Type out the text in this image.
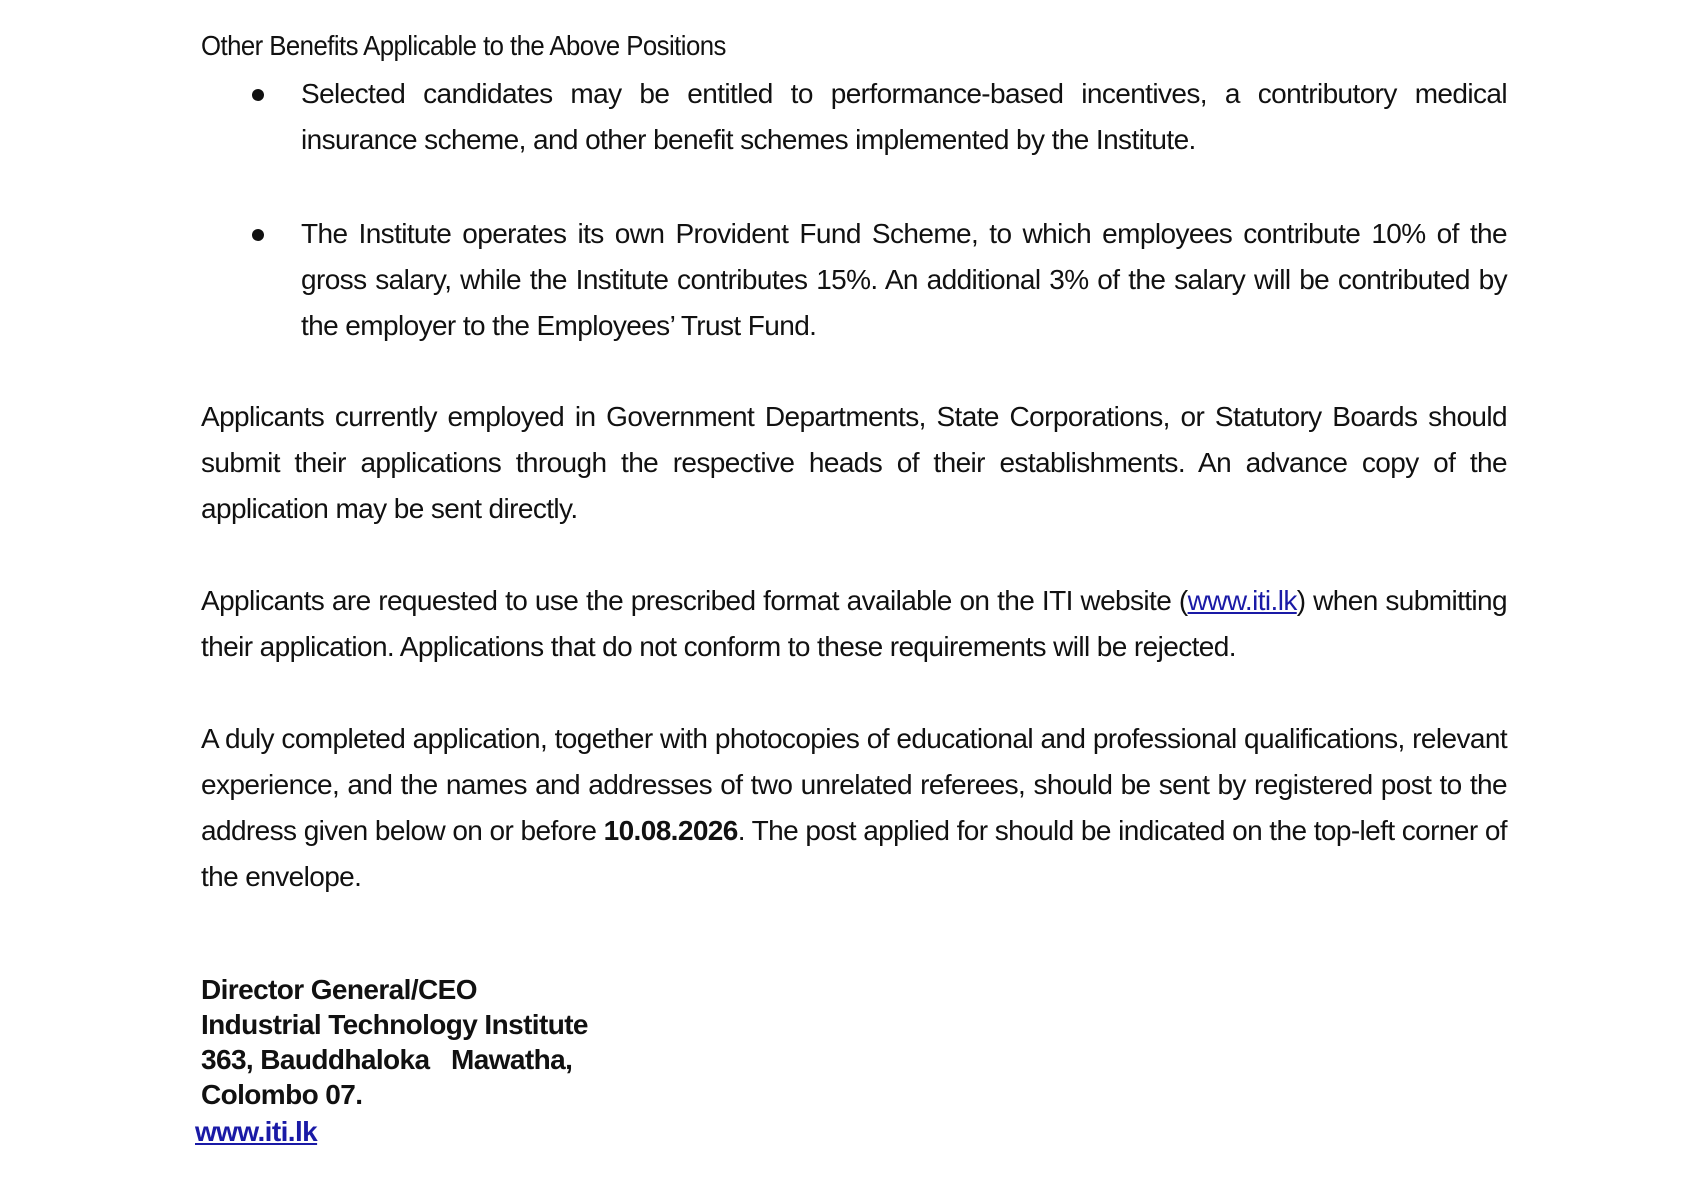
Other Benefits Applicable to the Above Positions
Selected candidates may be entitled to performance-based incentives, a contributory medical insurance scheme, and other benefit schemes implemented by the Institute.
The Institute operates its own Provident Fund Scheme, to which employees contribute 10% of the gross salary, while the Institute contributes 15%. An additional 3% of the salary will be contributed by the employer to the Employees’ Trust Fund.
Applicants currently employed in Government Departments, State Corporations, or Statutory Boards should submit their applications through the respective heads of their establishments. An advance copy of the application may be sent directly.
Applicants are requested to use the prescribed format available on the ITI website (www.iti.lk) when submitting their application. Applications that do not conform to these requirements will be rejected.
A duly completed application, together with photocopies of educational and professional qualifications, relevant experience, and the names and addresses of two unrelated referees, should be sent by registered post to the address given below on or before 10.08.2026. The post applied for should be indicated on the top-left corner of the envelope.
Director General/CEO
Industrial Technology Institute
363, Bauddhaloka   Mawatha,
Colombo 07.
www.iti.lk
